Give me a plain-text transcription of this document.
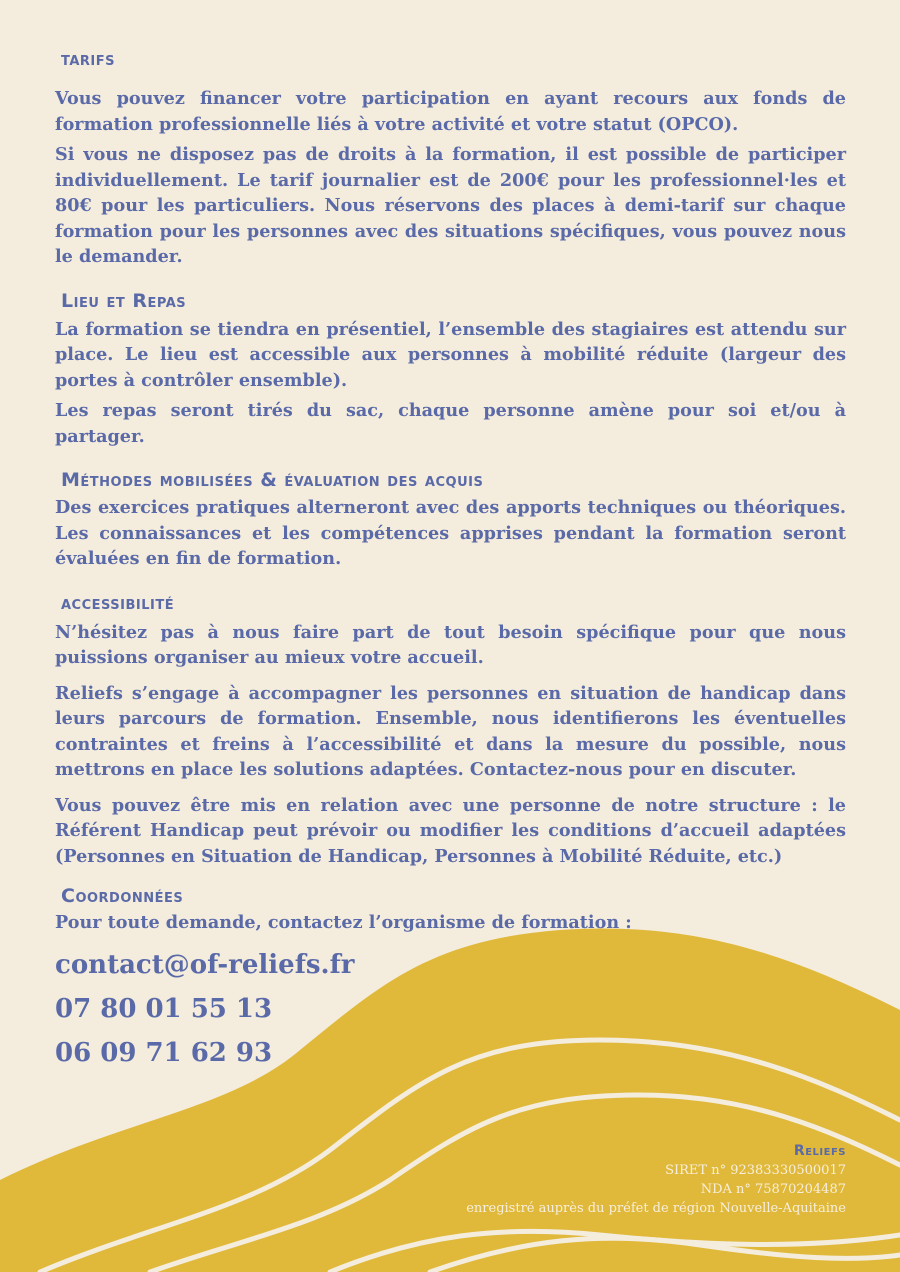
tarifs

Vous pouvez financer votre participation en ayant recours aux fonds de formation professionnelle liés à votre activité et votre statut (OPCO).

Si vous ne disposez pas de droits à la formation, il est possible de participer individuellement. Le tarif journalier est de 200€ pour les professionnel·les et 80€ pour les particuliers. Nous réservons des places à demi-tarif sur chaque formation pour les personnes avec des situations spécifiques, vous pouvez nous le demander.

Lieu et Repas

La formation se tiendra en présentiel, l’ensemble des stagiaires est attendu sur place. Le lieu est accessible aux personnes à mobilité réduite (largeur des portes à contrôler ensemble).

Les repas seront tirés du sac, chaque personne amène pour soi et/ou à partager.

Méthodes mobilisées & évaluation des acquis

Des exercices pratiques alterneront avec des apports techniques ou théoriques. Les connaissances et les compétences apprises pendant la formation seront évaluées en fin de formation.

accessibilité

N’hésitez pas à nous faire part de tout besoin spécifique pour que nous puissions organiser au mieux votre accueil.

Reliefs s’engage à accompagner les personnes en situation de handicap dans leurs parcours de formation. Ensemble, nous identifierons les éventuelles contraintes et freins à l’accessibilité et dans la mesure du possible, nous mettrons en place les solutions adaptées. Contactez-nous pour en discuter.

Vous pouvez être mis en relation avec une personne de notre structure : le Référent Handicap peut prévoir ou modifier les conditions d’accueil adaptées (Personnes en Situation de Handicap, Personnes à Mobilité Réduite, etc.)

Coordonnées

Pour toute demande, contactez l’organisme de formation :

contact@of-reliefs.fr

07 80 01 55 13

06 09 71 62 93

Reliefs
SIRET n° 92383330500017
NDA n° 75870204487
enregistré auprès du préfet de région Nouvelle-Aquitaine
